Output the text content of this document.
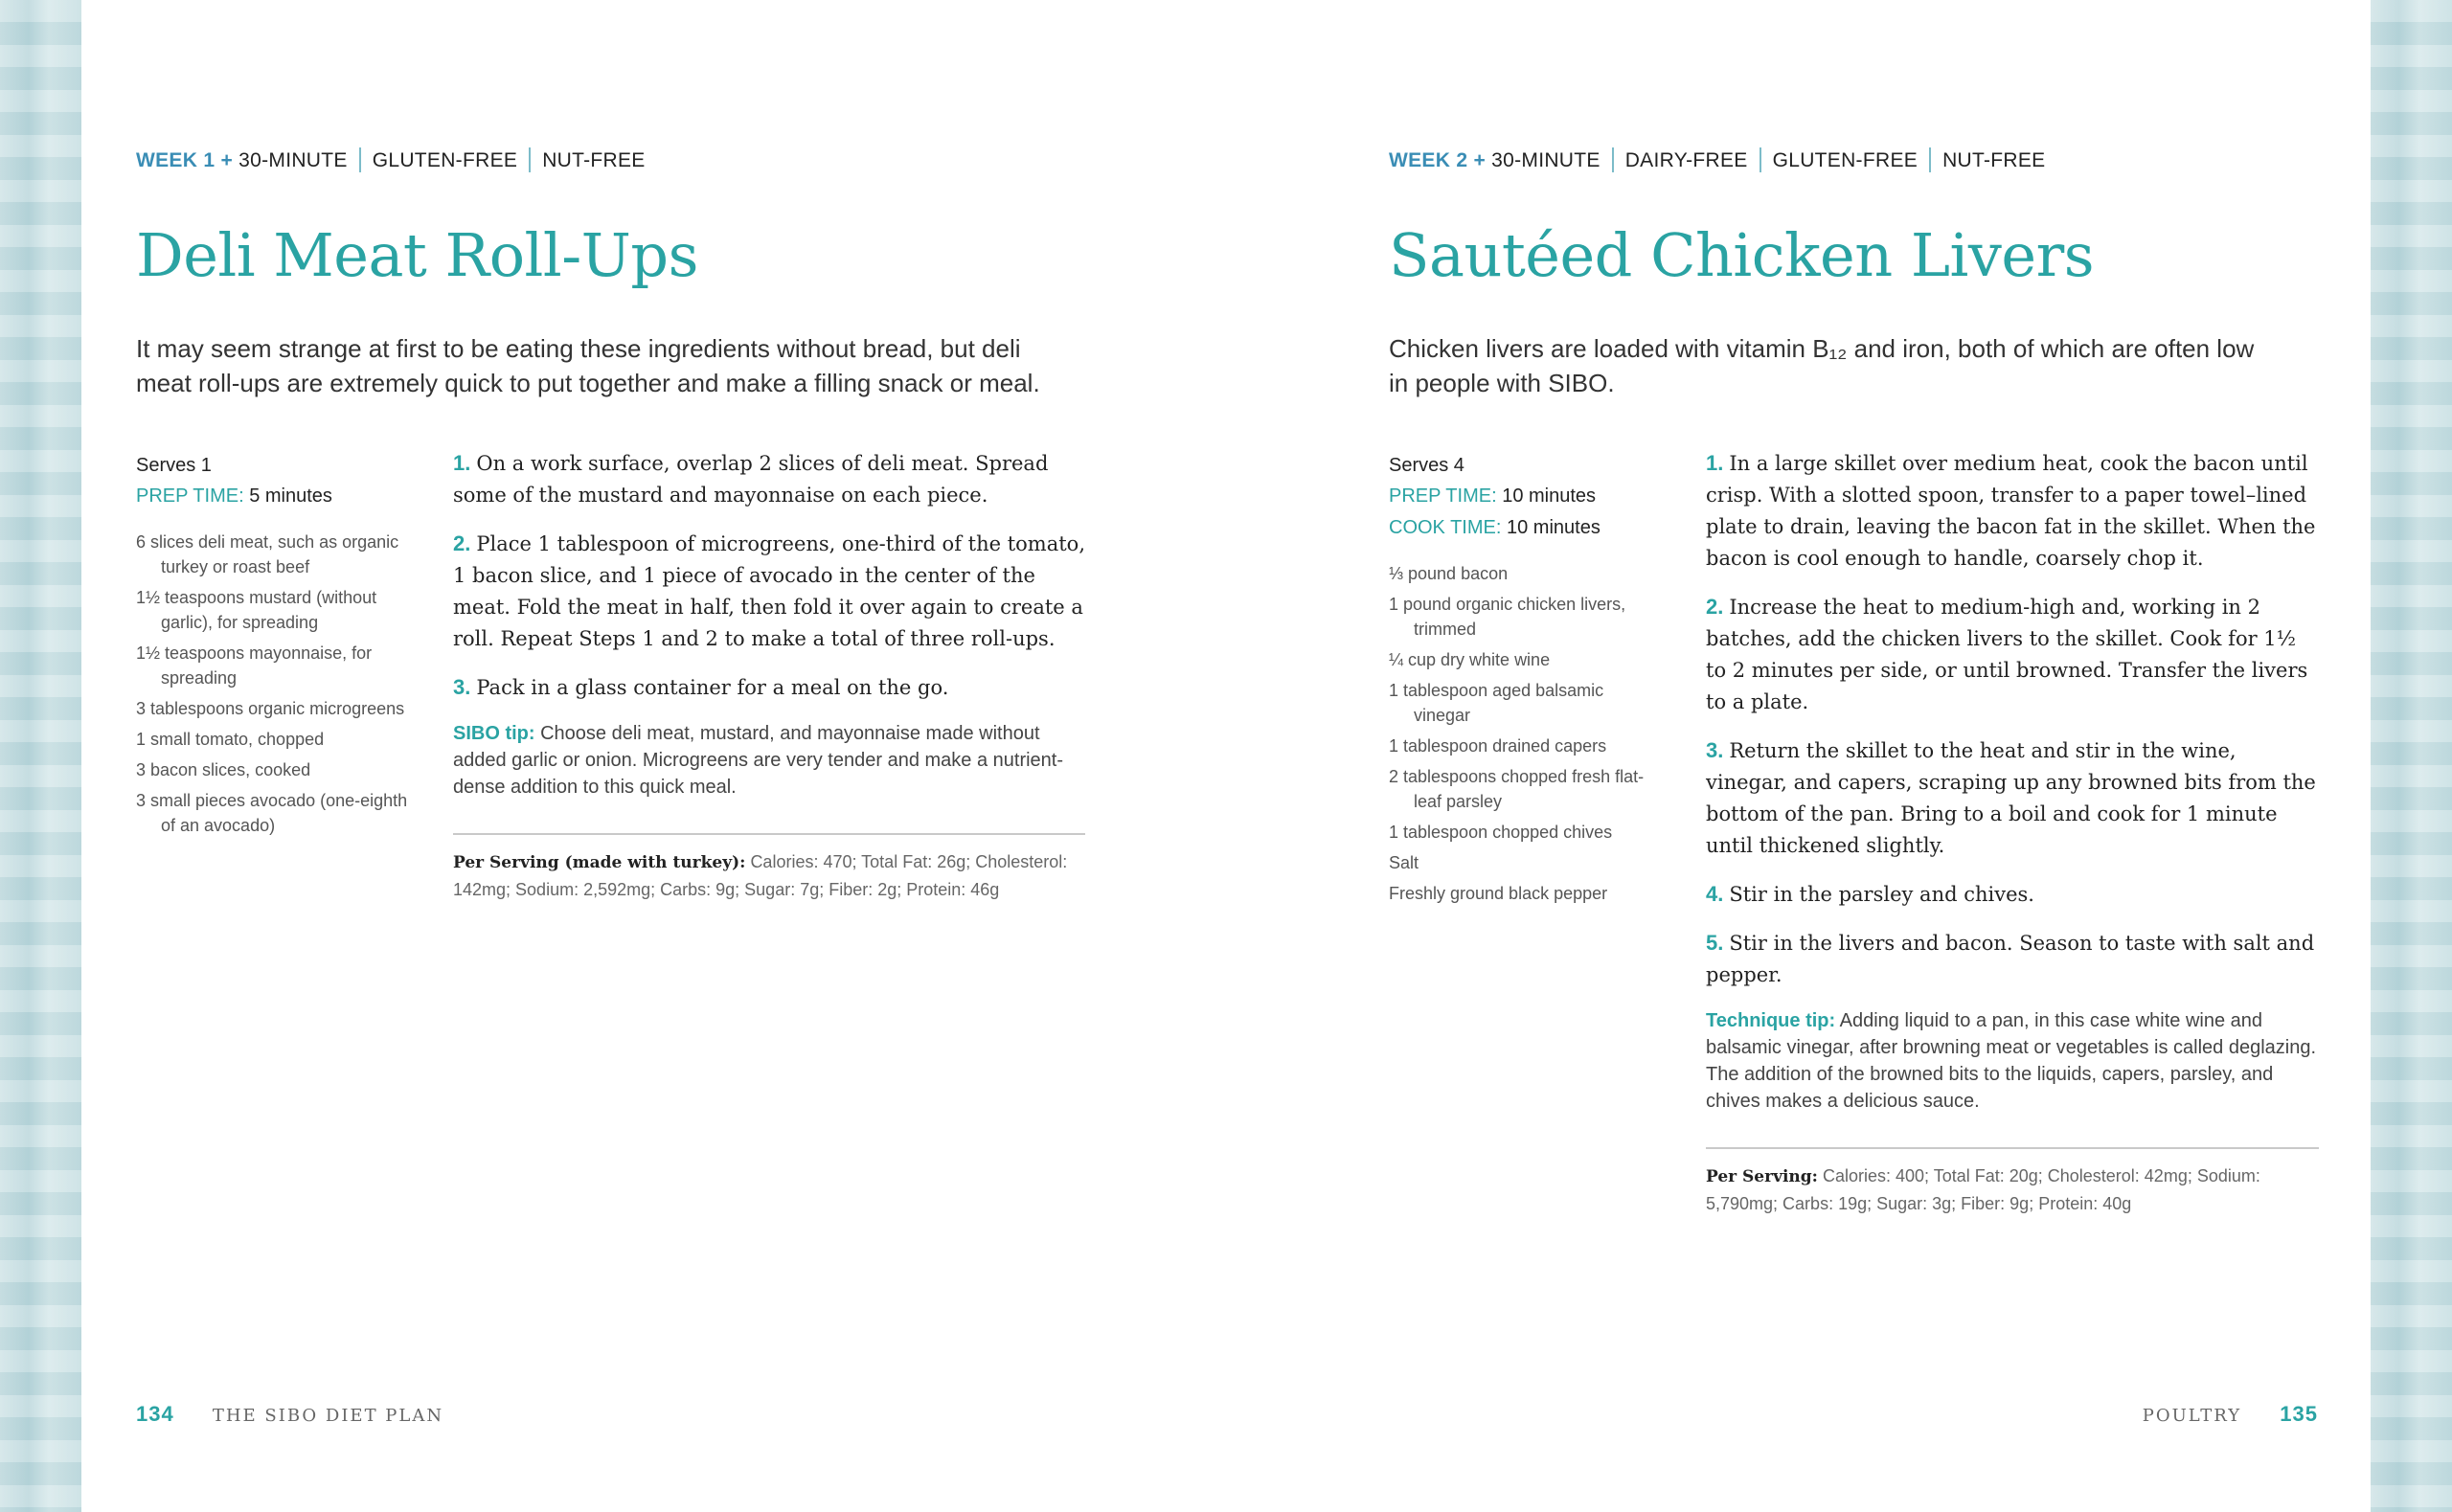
WEEK 1 + 30-MINUTE GLUTEN-FREE NUT-FREE
Deli Meat Roll-Ups
It may seem strange at first to be eating these ingredients without bread, but deli
meat roll-ups are extremely quick to put together and make a filling snack or meal.
Serves 1
PREP TIME: 5 minutes
6 slices deli meat, such as organic turkey or roast beef
1½ teaspoons mustard (without garlic), for spreading
1½ teaspoons mayonnaise, for spreading
3 tablespoons organic microgreens
1 small tomato, chopped
3 bacon slices, cooked
3 small pieces avocado (one-eighth of an avocado)
1. On a work surface, overlap 2 slices of deli meat. Spread some of the mustard and mayonnaise on each piece.
2. Place 1 tablespoon of microgreens, one-third of the tomato, 1 bacon slice, and 1 piece of avocado in the center of the meat. Fold the meat in half, then fold it over again to create a roll. Repeat Steps 1 and 2 to make a total of three roll-ups.
3. Pack in a glass container for a meal on the go.
SIBO tip: Choose deli meat, mustard, and mayonnaise made without added garlic or onion. Microgreens are very tender and make a nutrient-dense addition to this quick meal.
Per Serving (made with turkey): Calories: 470; Total Fat: 26g; Cholesterol: 142mg; Sodium: 2,592mg; Carbs: 9g; Sugar: 7g; Fiber: 2g; Protein: 46g
134 THE SIBO DIET PLAN
WEEK 2 + 30-MINUTE DAIRY-FREE GLUTEN-FREE NUT-FREE
Sautéed Chicken Livers
Chicken livers are loaded with vitamin B₁₂ and iron, both of which are often low
in people with SIBO.
Serves 4
PREP TIME: 10 minutes
COOK TIME: 10 minutes
⅓ pound bacon
1 pound organic chicken livers, trimmed
¼ cup dry white wine
1 tablespoon aged balsamic vinegar
1 tablespoon drained capers
2 tablespoons chopped fresh flat-leaf parsley
1 tablespoon chopped chives
Salt
Freshly ground black pepper
1. In a large skillet over medium heat, cook the bacon until crisp. With a slotted spoon, transfer to a paper towel–lined plate to drain, leaving the bacon fat in the skillet. When the bacon is cool enough to handle, coarsely chop it.
2. Increase the heat to medium-high and, working in 2 batches, add the chicken livers to the skillet. Cook for 1½ to 2 minutes per side, or until browned. Transfer the livers to a plate.
3. Return the skillet to the heat and stir in the wine, vinegar, and capers, scraping up any browned bits from the bottom of the pan. Bring to a boil and cook for 1 minute until thickened slightly.
4. Stir in the parsley and chives.
5. Stir in the livers and bacon. Season to taste with salt and pepper.
Technique tip: Adding liquid to a pan, in this case white wine and balsamic vinegar, after browning meat or vegetables is called deglazing. The addition of the browned bits to the liquids, capers, parsley, and chives makes a delicious sauce.
Per Serving: Calories: 400; Total Fat: 20g; Cholesterol: 42mg; Sodium: 5,790mg; Carbs: 19g; Sugar: 3g; Fiber: 9g; Protein: 40g
POULTRY 135
